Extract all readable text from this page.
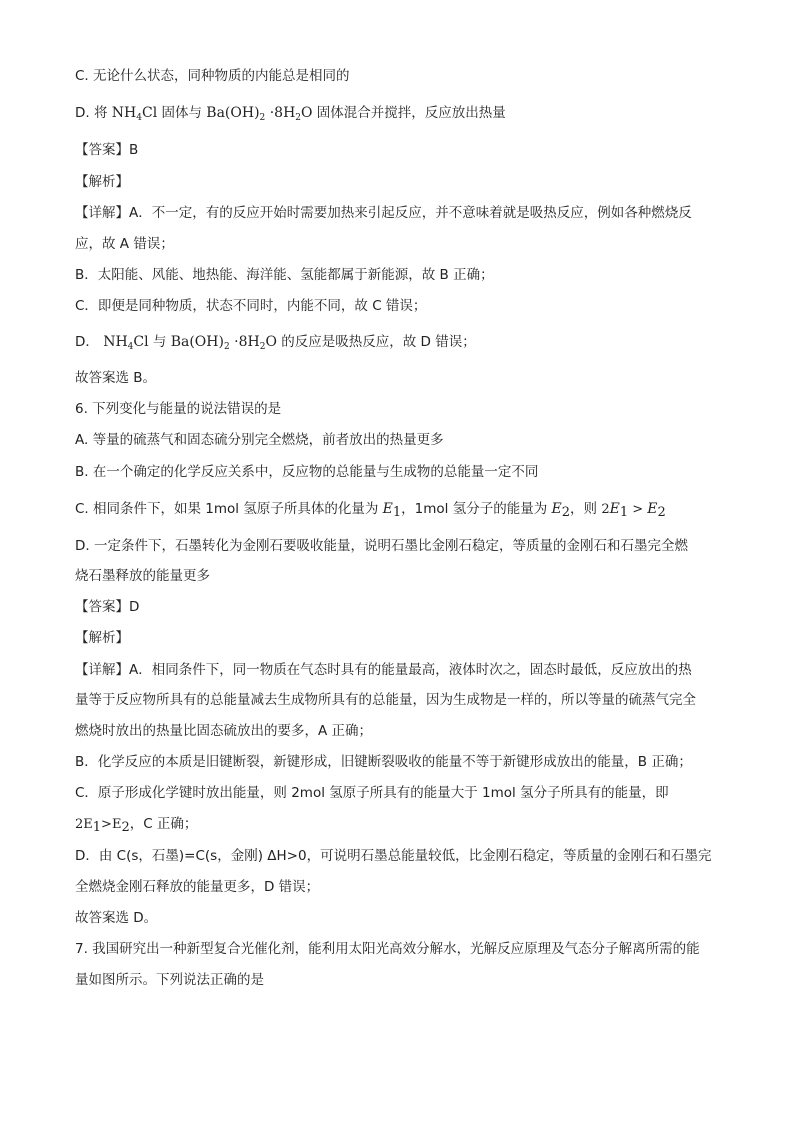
C. 无论什么状态，同种物质的内能总是相同的
D. 将 $NH_4Cl$ 固体与 $Ba(OH)_2 \cdot 8H_2O$ 固体混合并搅拌，反应放出热量
【答案】B
【解析】
【详解】A．不一定，有的反应开始时需要加热来引起反应，并不意味着就是吸热反应，例如各种燃烧反
应，故 A 错误；
B．太阳能、风能、地热能、海洋能、氢能都属于新能源，故 B 正确；
C．即便是同种物质，状态不同时，内能不同，故 C 错误；
D． $NH_4Cl$ 与 $Ba(OH)_2 \cdot 8H_2O$ 的反应是吸热反应，故 D 错误；
故答案选 B。
6. 下列变化与能量的说法错误的是
A. 等量的硫蒸气和固态硫分别完全燃烧，前者放出的热量更多
B. 在一个确定的化学反应关系中，反应物的总能量与生成物的总能量一定不同
C. 相同条件下，如果 1mol 氢原子所具体的化量为 $E_1$，1mol 氢分子的能量为 $E_2$，则 $2E_1 > E_2$
D. 一定条件下，石墨转化为金刚石要吸收能量，说明石墨比金刚石稳定，等质量的金刚石和石墨完全燃
烧石墨释放的能量更多
【答案】D
【解析】
【详解】A．相同条件下，同一物质在气态时具有的能量最高，液体时次之，固态时最低，反应放出的热
量等于反应物所具有的总能量减去生成物所具有的总能量，因为生成物是一样的，所以等量的硫蒸气完全
燃烧时放出的热量比固态硫放出的要多，A 正确；
B．化学反应的本质是旧键断裂，新键形成，旧键断裂吸收的能量不等于新键形成放出的能量，B 正确；
C．原子形成化学键时放出能量，则 2mol 氢原子所具有的能量大于 1mol 氢分子所具有的能量，即
$2E_1>E_2$，C 正确；
D．由 C(s，石墨)=C(s，金刚) ΔH>0，可说明石墨总能量较低，比金刚石稳定，等质量的金刚石和石墨完
全燃烧金刚石释放的能量更多，D 错误；
故答案选 D。
7. 我国研究出一种新型复合光催化剂，能利用太阳光高效分解水，光解反应原理及气态分子解离所需的能
量如图所示。下列说法正确的是
